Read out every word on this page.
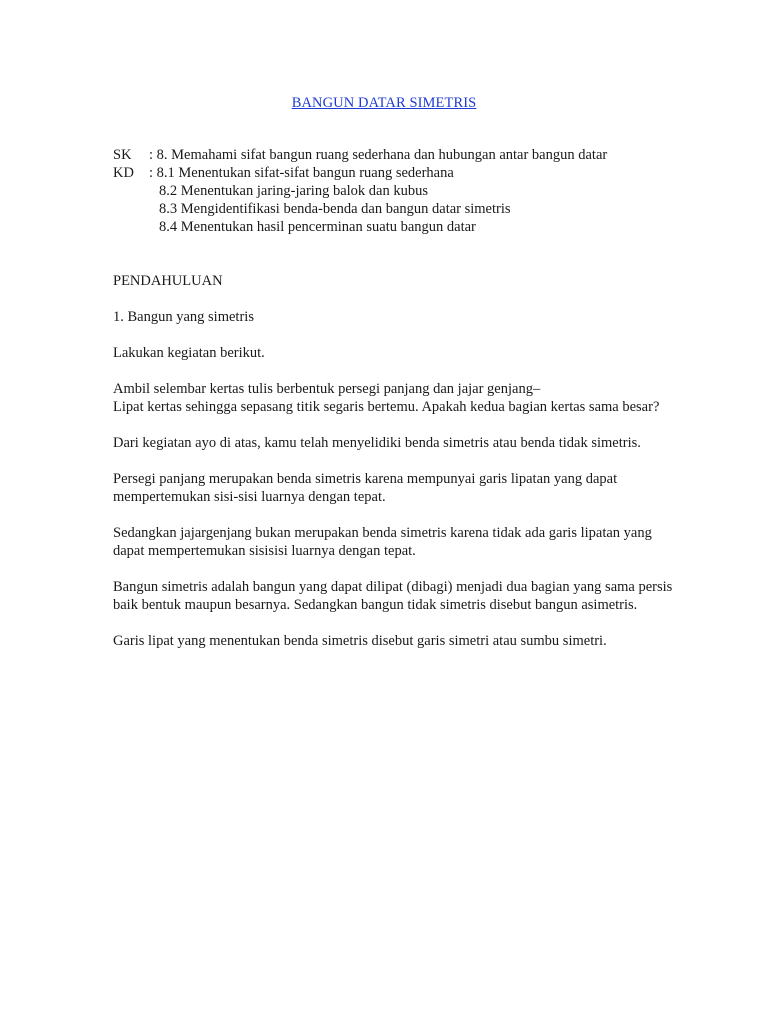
BANGUN DATAR SIMETRIS
SK	: 8. Memahami sifat bangun ruang sederhana dan hubungan antar bangun datar
KD	: 8.1 Menentukan sifat-sifat bangun ruang sederhana
8.2 Menentukan jaring-jaring balok dan kubus
8.3 Mengidentifikasi benda-benda dan bangun datar simetris
8.4 Menentukan hasil pencerminan suatu bangun datar

PENDAHULUAN

1. Bangun yang simetris

Lakukan kegiatan berikut.

Ambil selembar kertas tulis berbentuk persegi panjang dan jajar genjang–

Lipat kertas sehingga sepasang titik segaris bertemu. Apakah kedua bagian kertas sama besar?

Dari kegiatan ayo di atas, kamu telah menyelidiki benda simetris atau benda tidak simetris.

Persegi panjang merupakan benda simetris karena mempunyai garis lipatan yang dapat mempertemukan sisi-sisi luarnya dengan tepat.

Sedangkan jajargenjang bukan merupakan benda simetris karena tidak ada garis lipatan yang dapat mempertemukan sisisisi luarnya dengan tepat.

Bangun simetris adalah bangun yang dapat dilipat (dibagi) menjadi dua bagian yang sama persis baik bentuk maupun besarnya. Sedangkan bangun tidak simetris disebut bangun asimetris.

Garis lipat yang menentukan benda simetris disebut garis simetri atau sumbu simetri.
